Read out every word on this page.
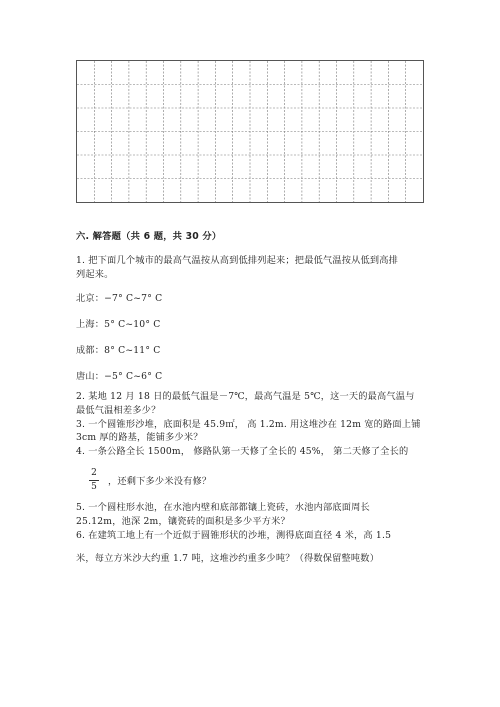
六. 解答题（共 6 题，共 30 分）
1. 把下面几个城市的最高气温按从高到低排列起来；把最低气温按从低到高排
列起来。
北京：−7° C~7° C
上海：5° C~10° C
成都：8° C~11° C
唐山：−5° C~6° C
2. 某地 12 月 18 日的最低气温是－7℃，最高气温是 5℃，这一天的最高气温与
最低气温相差多少？
3. 一个圆锥形沙堆，底面积是 45.9㎡， 高 1.2m. 用这堆沙在 12m 宽的路面上铺
3cm 厚的路基，能铺多少米？
4. 一条公路全长 1500m， 修路队第一天修了全长的 45%， 第二天修了全长的
2
5 ，还剩下多少米没有修？
5. 一个圆柱形水池，在水池内壁和底部都镶上瓷砖，水池内部底面周长
25.12m，池深 2m，镶瓷砖的面积是多少平方米？
6. 在建筑工地上有一个近似于圆锥形状的沙堆，测得底面直径 4 米，高 1.5
米，每立方米沙大约重 1.7 吨，这堆沙约重多少吨？（得数保留整吨数）
